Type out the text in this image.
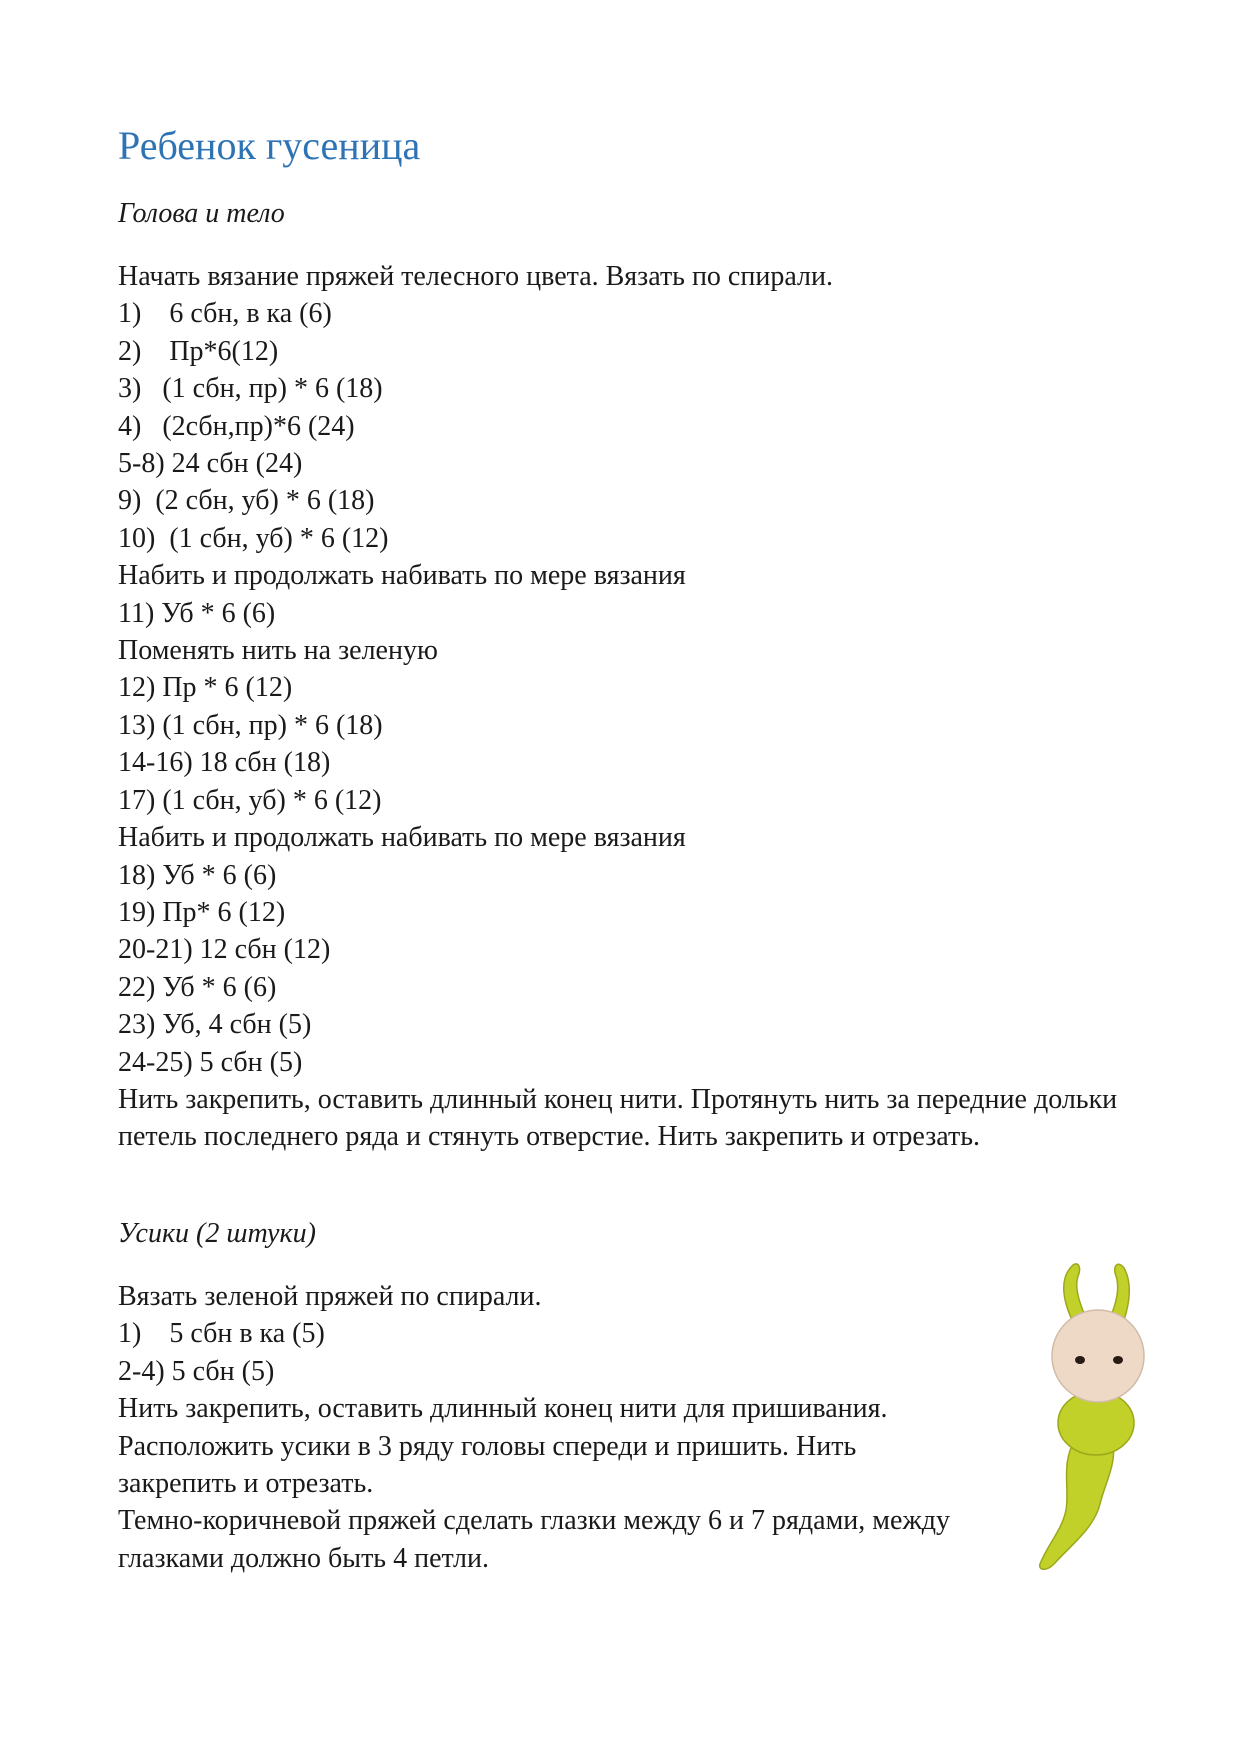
Ребенок гусеница
Голова и тело
Начать вязание пряжей телесного цвета. Вязать по спирали.
1)    6 сбн, в ка (6)
2)    Пр*6(12)
3)   (1 сбн, пр) * 6 (18)
4)   (2сбн,пр)*6 (24)
5-8) 24 сбн (24)
9)  (2 сбн, уб) * 6 (18)
10)  (1 сбн, уб) * 6 (12)
Набить и продолжать набивать по мере вязания
11) Уб * 6 (6)
Поменять нить на зеленую
12) Пр * 6 (12)
13) (1 сбн, пр) * 6 (18)
14-16) 18 сбн (18)
17) (1 сбн, уб) * 6 (12)
Набить и продолжать набивать по мере вязания
18) Уб * 6 (6)
19) Пр* 6 (12)
20-21) 12 сбн (12)
22) Уб * 6 (6)
23) Уб, 4 сбн (5)
24-25) 5 сбн (5)
Нить закрепить, оставить длинный конец нити. Протянуть нить за передние дольки петель последнего ряда и стянуть отверстие. Нить закрепить и отрезать.
Усики (2 штуки)
Вязать зеленой пряжей по спирали.
1)    5 сбн в ка (5)
2-4) 5 сбн (5)
Нить закрепить, оставить длинный конец нити для пришивания.
Расположить усики в 3 ряду головы спереди и пришить. Нить закрепить и отрезать.
Темно-коричневой пряжей сделать глазки между 6 и 7 рядами, между глазками должно быть 4 петли.
